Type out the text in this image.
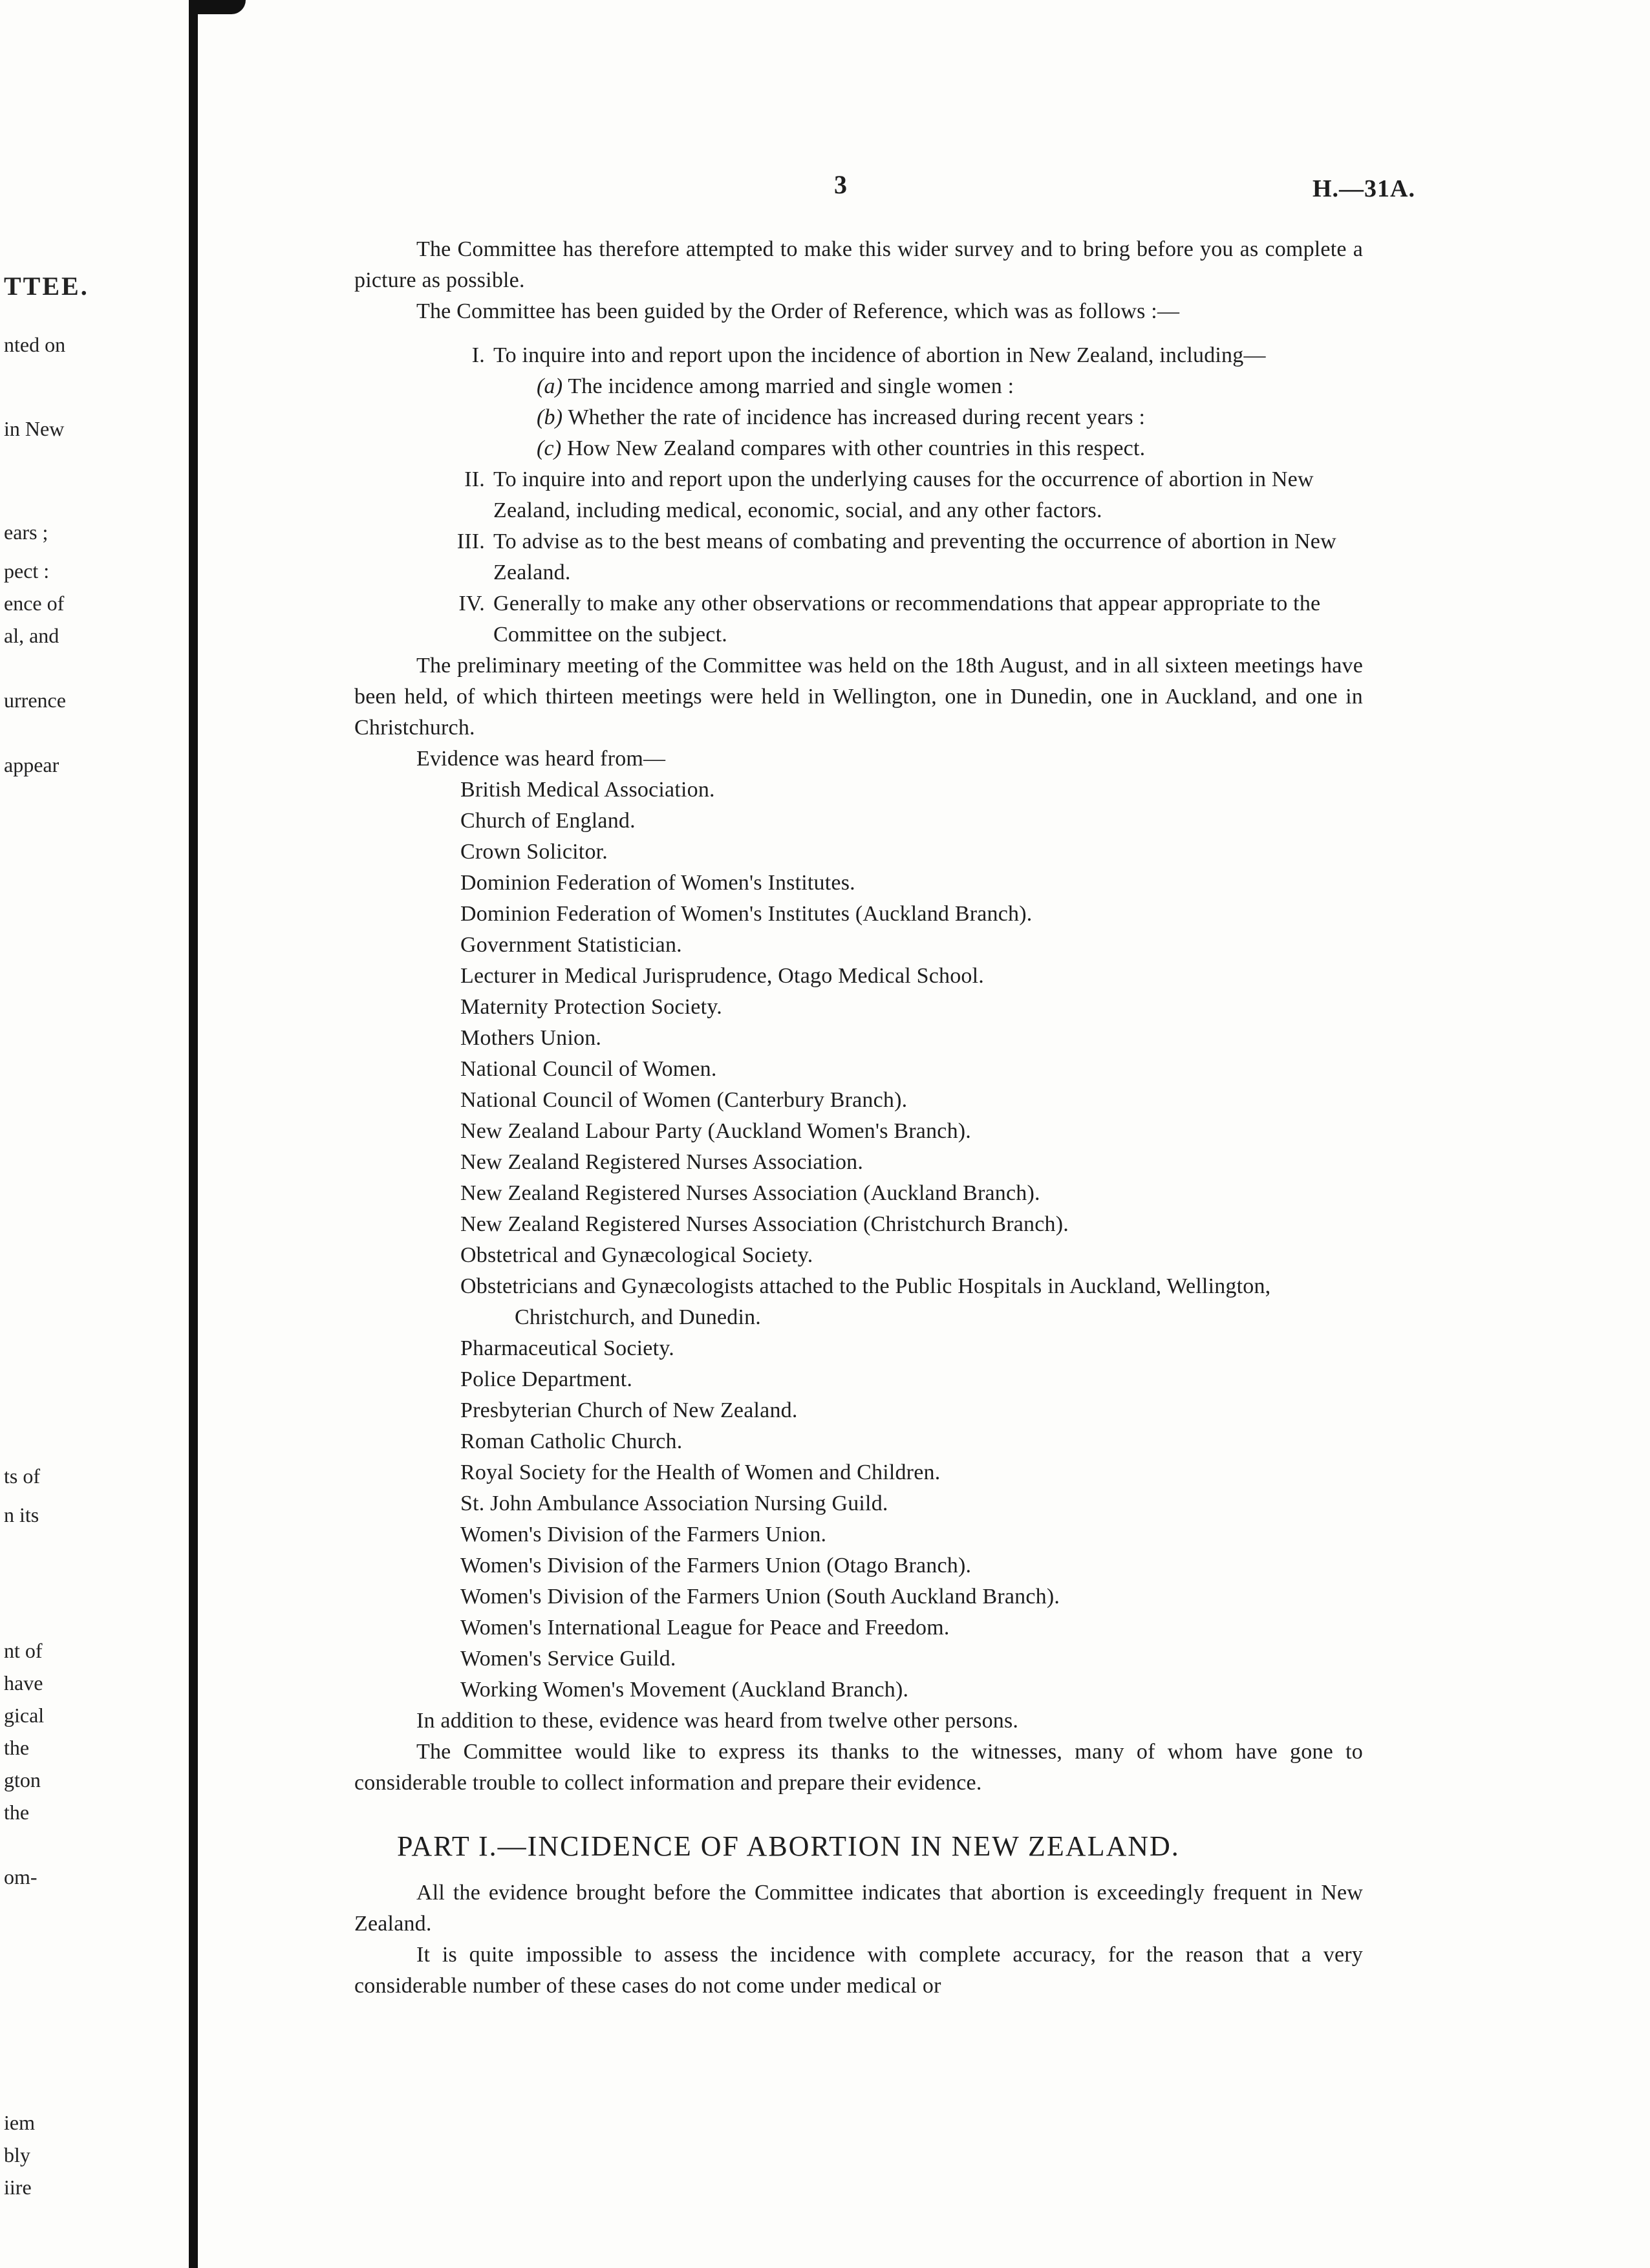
TTEE.
nted on
in New
ears ;
pect :
ence of
al, and
urrence
appear
ts of
n its
nt of
have
gical
the
gton
the
om-
iem
bly
iire
3	H.—31A.

The Committee has therefore attempted to make this wider survey and to bring before you as complete a picture as possible.

The Committee has been guided by the Order of Reference, which was as follows :—

I. To inquire into and report upon the incidence of abortion in New Zealand, including—
(a) The incidence among married and single women :
(b) Whether the rate of incidence has increased during recent years :
(c) How New Zealand compares with other countries in this respect.
II. To inquire into and report upon the underlying causes for the occurrence of abortion in New Zealand, including medical, economic, social, and any other factors.
III. To advise as to the best means of combating and preventing the occurrence of abortion in New Zealand.
IV. Generally to make any other observations or recommendations that appear appropriate to the Committee on the subject.

The preliminary meeting of the Committee was held on the 18th August, and in all sixteen meetings have been held, of which thirteen meetings were held in Wellington, one in Dunedin, one in Auckland, and one in Christchurch.

Evidence was heard from—

British Medical Association.
Church of England.
Crown Solicitor.
Dominion Federation of Women's Institutes.
Dominion Federation of Women's Institutes (Auckland Branch).
Government Statistician.
Lecturer in Medical Jurisprudence, Otago Medical School.
Maternity Protection Society.
Mothers Union.
National Council of Women.
National Council of Women (Canterbury Branch).
New Zealand Labour Party (Auckland Women's Branch).
New Zealand Registered Nurses Association.
New Zealand Registered Nurses Association (Auckland Branch).
New Zealand Registered Nurses Association (Christchurch Branch).
Obstetrical and Gynæcological Society.
Obstetricians and Gynæcologists attached to the Public Hospitals in Auckland, Wellington, Christchurch, and Dunedin.
Pharmaceutical Society.
Police Department.
Presbyterian Church of New Zealand.
Roman Catholic Church.
Royal Society for the Health of Women and Children.
St. John Ambulance Association Nursing Guild.
Women's Division of the Farmers Union.
Women's Division of the Farmers Union (Otago Branch).
Women's Division of the Farmers Union (South Auckland Branch).
Women's International League for Peace and Freedom.
Women's Service Guild.
Working Women's Movement (Auckland Branch).

In addition to these, evidence was heard from twelve other persons.

The Committee would like to express its thanks to the witnesses, many of whom have gone to considerable trouble to collect information and prepare their evidence.

PART I.—INCIDENCE OF ABORTION IN NEW ZEALAND.

All the evidence brought before the Committee indicates that abortion is exceedingly frequent in New Zealand.

It is quite impossible to assess the incidence with complete accuracy, for the reason that a very considerable number of these cases do not come under medical or
